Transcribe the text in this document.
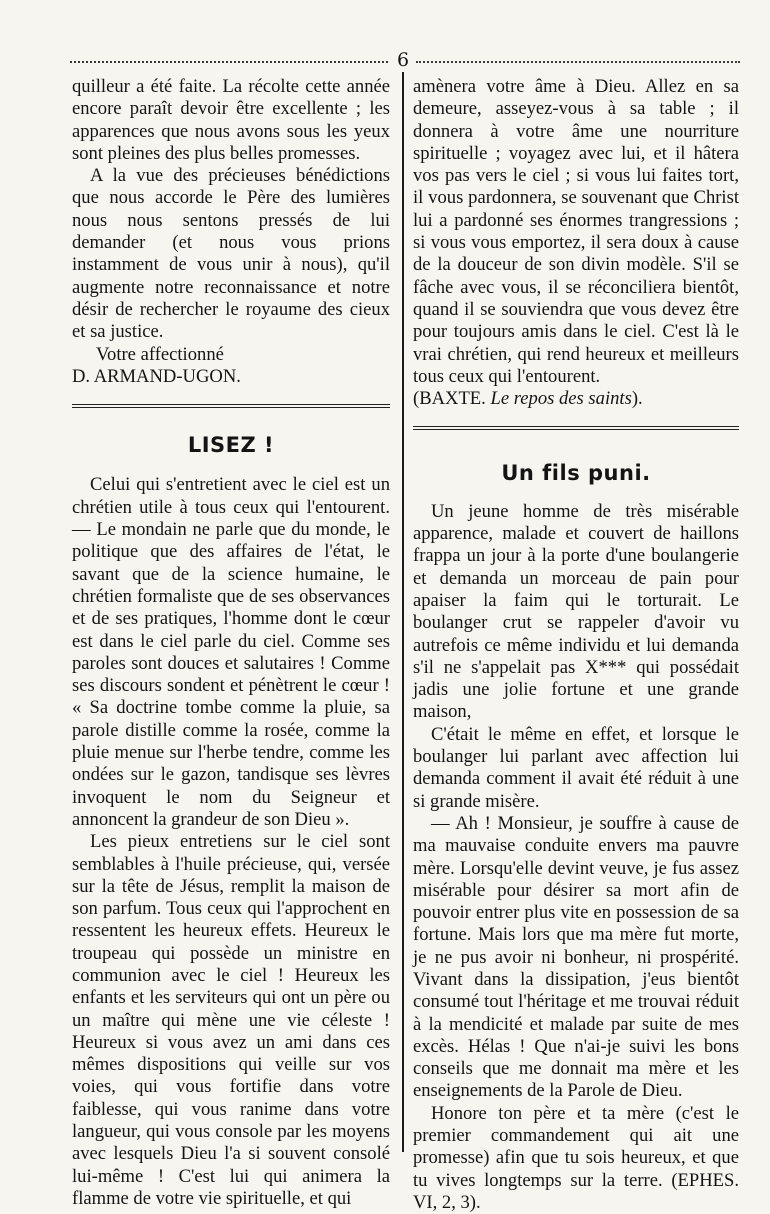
6

quilleur a été faite. La récolte cette année encore paraît devoir être excellente ; les apparences que nous avons sous les yeux sont pleines des plus belles promesses.

A la vue des précieuses bénédictions que nous accorde le Père des lumières nous nous sentons pressés de lui demander (et nous vous prions instamment de vous unir à nous), qu'il augmente notre reconnaissance et notre désir de rechercher le royaume des cieux et sa justice.

Votre affectionné

D. ARMAND-UGON.

LISEZ !

Celui qui s'entretient avec le ciel est un chrétien utile à tous ceux qui l'entourent. — Le mondain ne parle que du monde, le politique que des affaires de l'état, le savant que de la science humaine, le chrétien formaliste que de ses observances et de ses pratiques, l'homme dont le cœur est dans le ciel parle du ciel. Comme ses paroles sont douces et salutaires ! Comme ses discours sondent et pénètrent le cœur ! « Sa doctrine tombe comme la pluie, sa parole distille comme la rosée, comme la pluie menue sur l'herbe tendre, comme les ondées sur le gazon, tandisque ses lèvres invoquent le nom du Seigneur et annoncent la grandeur de son Dieu ».

Les pieux entretiens sur le ciel sont semblables à l'huile précieuse, qui, versée sur la tête de Jésus, remplit la maison de son parfum. Tous ceux qui l'approchent en ressentent les heureux effets. Heureux le troupeau qui possède un ministre en communion avec le ciel ! Heureux les enfants et les serviteurs qui ont un père ou un maître qui mène une vie céleste ! Heureux si vous avez un ami dans ces mêmes dispositions qui veille sur vos voies, qui vous fortifie dans votre faiblesse, qui vous ranime dans votre langueur, qui vous console par les moyens avec lesquels Dieu l'a si souvent consolé lui-même ! C'est lui qui animera la flamme de votre vie spirituelle, et qui

amènera votre âme à Dieu. Allez en sa demeure, asseyez-vous à sa table ; il donnera à votre âme une nourriture spirituelle ; voyagez avec lui, et il hâtera vos pas vers le ciel ; si vous lui faites tort, il vous pardonnera, se souvenant que Christ lui a pardonné ses énormes trangressions ; si vous vous emportez, il sera doux à cause de la douceur de son divin modèle. S'il se fâche avec vous, il se réconciliera bientôt, quand il se souviendra que vous devez être pour toujours amis dans le ciel. C'est là le vrai chrétien, qui rend heureux et meilleurs tous ceux qui l'entourent.

(BAXTE. Le repos des saints).

Un fils puni.

Un jeune homme de très misérable apparence, malade et couvert de haillons frappa un jour à la porte d'une boulangerie et demanda un morceau de pain pour apaiser la faim qui le torturait. Le boulanger crut se rappeler d'avoir vu autrefois ce même individu et lui demanda s'il ne s'appelait pas X*** qui possédait jadis une jolie fortune et une grande maison,

C'était le même en effet, et lorsque le boulanger lui parlant avec affection lui demanda comment il avait été réduit à une si grande misère.

— Ah ! Monsieur, je souffre à cause de ma mauvaise conduite envers ma pauvre mère. Lorsqu'elle devint veuve, je fus assez misérable pour désirer sa mort afin de pouvoir entrer plus vite en possession de sa fortune. Mais lors que ma mère fut morte, je ne pus avoir ni bonheur, ni prospérité. Vivant dans la dissipation, j'eus bientôt consumé tout l'héritage et me trouvai réduit à la mendicité et malade par suite de mes excès. Hélas ! Que n'ai-je suivi les bons conseils que me donnait ma mère et les enseignements de la Parole de Dieu.

Honore ton père et ta mère (c'est le premier commandement qui ait une promesse) afin que tu sois heureux, et que tu vives longtemps sur la terre. (EPHES. VI, 2, 3).
